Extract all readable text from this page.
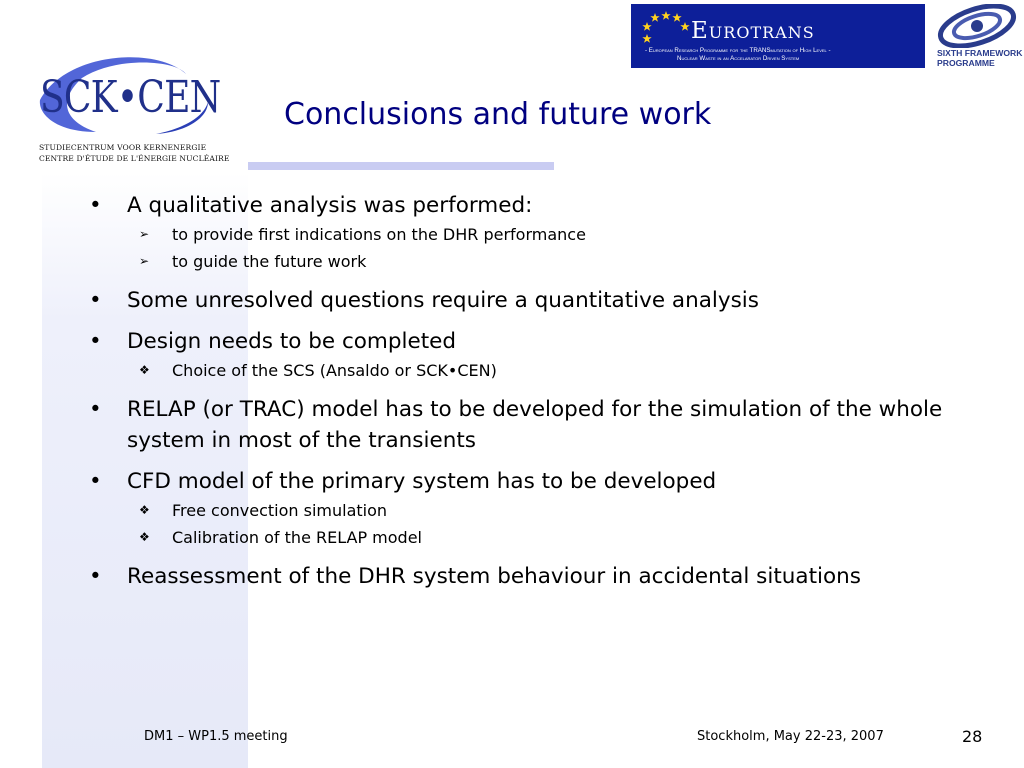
SCK•CEN
STUDIECENTRUM VOOR KERNENERGIE
CENTRE D'ÉTUDE DE L'ÉNERGIE NUCLÉAIRE
Eurotrans
- European Research Programme for the TRANSmutation of High Level -
Nuclear Waste in an Accelarator Driven System
SIXTH FRAMEWORK
PROGRAMME
Conclusions and future work
• A qualitative analysis was performed:
➢ to provide first indications on the DHR performance
➢ to guide the future work
• Some unresolved questions require a quantitative analysis
• Design needs to be completed
❖ Choice of the SCS (Ansaldo or SCK•CEN)
• RELAP (or TRAC) model has to be developed for the simulation of the whole system in most of the transients
• CFD model of the primary system has to be developed
❖ Free convection simulation
❖ Calibration of the RELAP model
• Reassessment of the DHR system behaviour in accidental situations
DM1 – WP1.5 meeting	Stockholm, May 22-23, 2007	28
